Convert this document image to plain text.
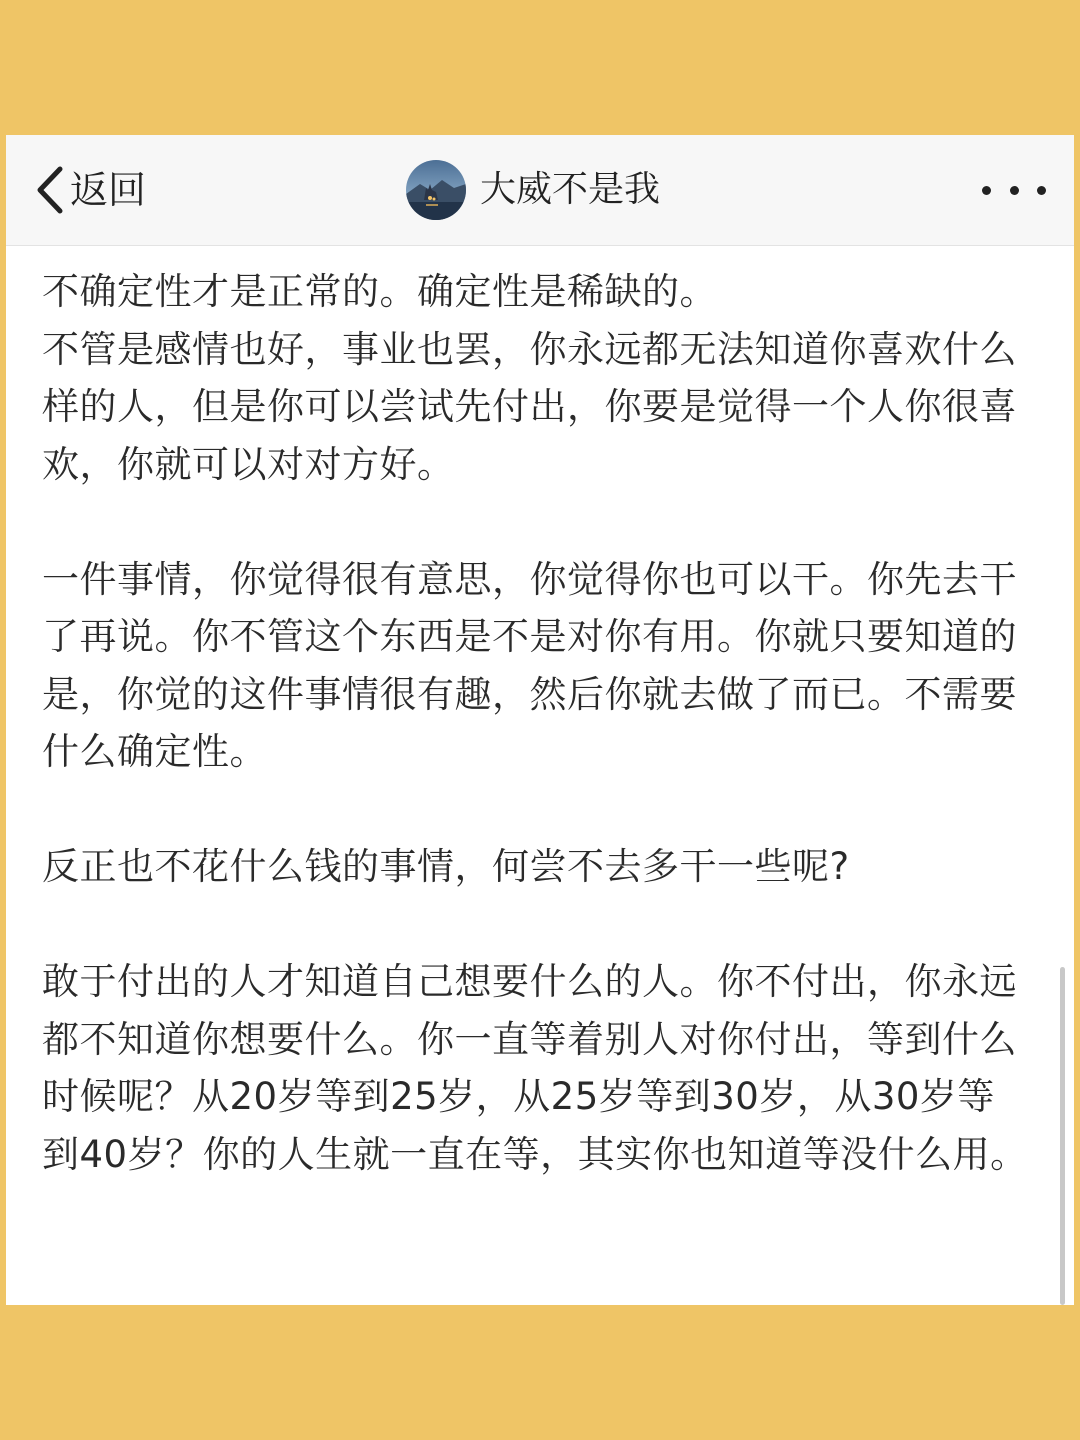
返回	大威不是我

不确定性才是正常的。确定性是稀缺的。
不管是感情也好，事业也罢，你永远都无法知道你喜欢什么样的人，但是你可以尝试先付出，你要是觉得一个人你很喜欢，你就可以对对方好。

一件事情，你觉得很有意思，你觉得你也可以干。你先去干了再说。你不管这个东西是不是对你有用。你就只要知道的是，你觉的这件事情很有趣，然后你就去做了而已。不需要什么确定性。

反正也不花什么钱的事情，何尝不去多干一些呢?

敢于付出的人才知道自己想要什么的人。你不付出，你永远都不知道你想要什么。你一直等着别人对你付出，等到什么时候呢？从20岁等到25岁，从25岁等到30岁，从30岁等到40岁？你的人生就一直在等，其实你也知道等没什么用。
